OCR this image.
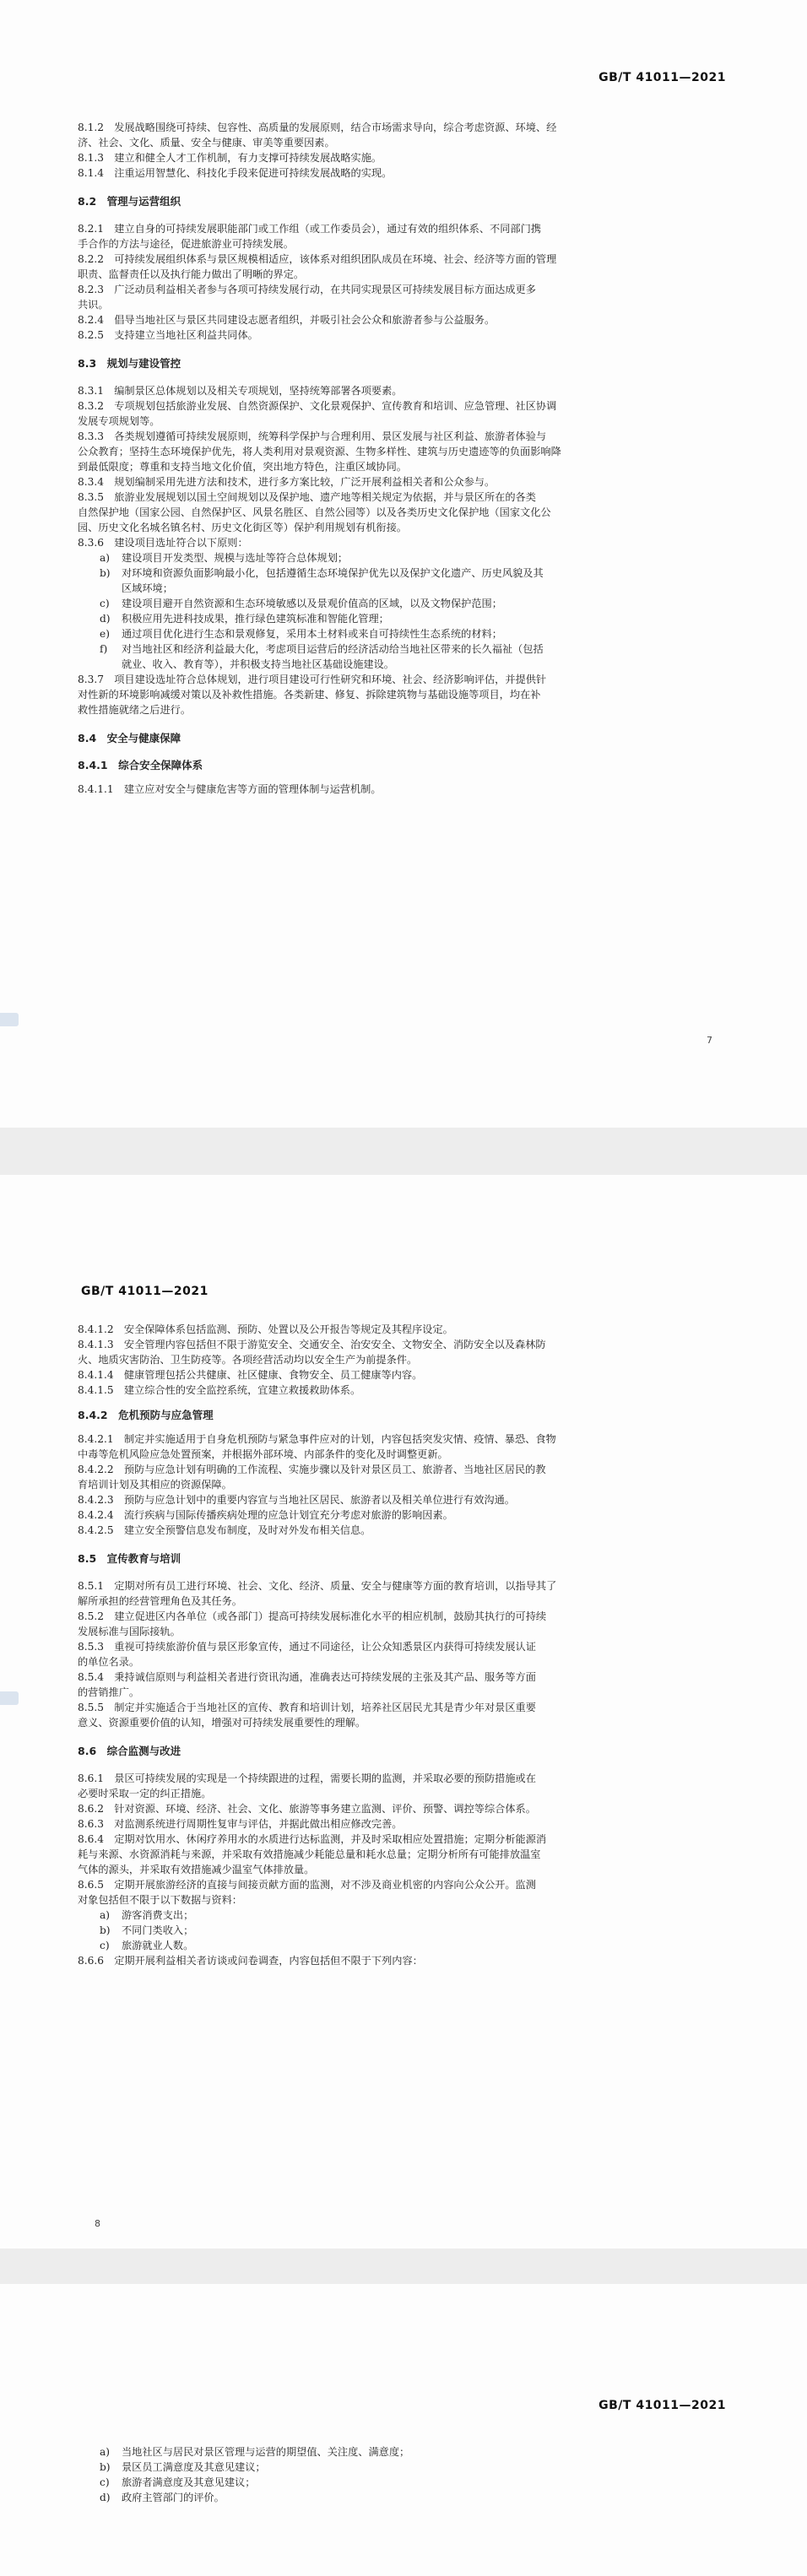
GB/T 41011—2021

8.1.2　发展战略围绕可持续、包容性、高质量的发展原则，结合市场需求导向，综合考虑资源、环境、经

济、社会、文化、质量、安全与健康、审美等重要因素。

8.1.3　建立和健全人才工作机制，有力支撑可持续发展战略实施。

8.1.4　注重运用智慧化、科技化手段来促进可持续发展战略的实现。

8.2　管理与运营组织

8.2.1　建立自身的可持续发展职能部门或工作组（或工作委员会），通过有效的组织体系、不同部门携

手合作的方法与途径，促进旅游业可持续发展。

8.2.2　可持续发展组织体系与景区规模相适应，该体系对组织团队成员在环境、社会、经济等方面的管理

职责、监督责任以及执行能力做出了明晰的界定。

8.2.3　广泛动员利益相关者参与各项可持续发展行动，在共同实现景区可持续发展目标方面达成更多

共识。

8.2.4　倡导当地社区与景区共同建设志愿者组织，并吸引社会公众和旅游者参与公益服务。

8.2.5　支持建立当地社区利益共同体。

8.3　规划与建设管控

8.3.1　编制景区总体规划以及相关专项规划，坚持统筹部署各项要素。

8.3.2　专项规划包括旅游业发展、自然资源保护、文化景观保护、宣传教育和培训、应急管理、社区协调

发展专项规划等。

8.3.3　各类规划遵循可持续发展原则，统筹科学保护与合理利用、景区发展与社区利益、旅游者体验与

公众教育；坚持生态环境保护优先，将人类利用对景观资源、生物多样性、建筑与历史遗迹等的负面影响降

到最低限度；尊重和支持当地文化价值，突出地方特色，注重区域协同。

8.3.4　规划编制采用先进方法和技术，进行多方案比较，广泛开展利益相关者和公众参与。

8.3.5　旅游业发展规划以国土空间规划以及保护地、遗产地等相关规定为依据，并与景区所在的各类

自然保护地（国家公园、自然保护区、风景名胜区、自然公园等）以及各类历史文化保护地（国家文化公

园、历史文化名城名镇名村、历史文化街区等）保护利用规划有机衔接。

8.3.6　建设项目选址符合以下原则：

a)	建设项目开发类型、规模与选址等符合总体规划；
b)	对环境和资源负面影响最小化，包括遵循生态环境保护优先以及保护文化遗产、历史风貌及其
区域环境；
c)	建设项目避开自然资源和生态环境敏感以及景观价值高的区域，以及文物保护范围；
d)	积极应用先进科技成果，推行绿色建筑标准和智能化管理；
e)	通过项目优化进行生态和景观修复，采用本土材料或来自可持续性生态系统的材料；
f)	对当地社区和经济利益最大化，考虑项目运营后的经济活动给当地社区带来的长久福祉（包括
就业、收入、教育等），并积极支持当地社区基础设施建设。

8.3.7　项目建设选址符合总体规划，进行项目建设可行性研究和环境、社会、经济影响评估，并提供针

对性新的环境影响减缓对策以及补救性措施。各类新建、修复、拆除建筑物与基础设施等项目，均在补

救性措施就绪之后进行。

8.4　安全与健康保障
8.4.1　综合安全保障体系

8.4.1.1　建立应对安全与健康危害等方面的管理体制与运营机制。

7
GB/T 41011—2021

8.4.1.2　安全保障体系包括监测、预防、处置以及公开报告等规定及其程序设定。

8.4.1.3　安全管理内容包括但不限于游览安全、交通安全、治安安全、文物安全、消防安全以及森林防

火、地质灾害防治、卫生防疫等。各项经营活动均以安全生产为前提条件。

8.4.1.4　健康管理包括公共健康、社区健康、食物安全、员工健康等内容。

8.4.1.5　建立综合性的安全监控系统，宜建立救援救助体系。

8.4.2　危机预防与应急管理

8.4.2.1　制定并实施适用于自身危机预防与紧急事件应对的计划，内容包括突发灾情、疫情、暴恐、食物

中毒等危机风险应急处置预案，并根据外部环境、内部条件的变化及时调整更新。

8.4.2.2　预防与应急计划有明确的工作流程、实施步骤以及针对景区员工、旅游者、当地社区居民的教

育培训计划及其相应的资源保障。

8.4.2.3　预防与应急计划中的重要内容宣与当地社区居民、旅游者以及相关单位进行有效沟通。

8.4.2.4　流行疾病与国际传播疾病处理的应急计划宜充分考虑对旅游的影响因素。

8.4.2.5　建立安全预警信息发布制度，及时对外发布相关信息。

8.5　宣传教育与培训

8.5.1　定期对所有员工进行环境、社会、文化、经济、质量、安全与健康等方面的教育培训，以指导其了

解所承担的经营管理角色及其任务。

8.5.2　建立促进区内各单位（或各部门）提高可持续发展标准化水平的相应机制，鼓励其执行的可持续

发展标准与国际接轨。

8.5.3　重视可持续旅游价值与景区形象宣传，通过不同途径，让公众知悉景区内获得可持续发展认证

的单位名录。

8.5.4　秉持诚信原则与利益相关者进行资讯沟通，准确表达可持续发展的主张及其产品、服务等方面

的营销推广。

8.5.5　制定并实施适合于当地社区的宣传、教育和培训计划，培养社区居民尤其是青少年对景区重要

意义、资源重要价值的认知，增强对可持续发展重要性的理解。

8.6　综合监测与改进

8.6.1　景区可持续发展的实现是一个持续跟进的过程，需要长期的监测，并采取必要的预防措施或在

必要时采取一定的纠正措施。

8.6.2　针对资源、环境、经济、社会、文化、旅游等事务建立监测、评价、预警、调控等综合体系。

8.6.3　对监测系统进行周期性复审与评估，并据此做出相应修改完善。

8.6.4　定期对饮用水、休闲疗养用水的水质进行达标监测，并及时采取相应处置措施；定期分析能源消

耗与来源、水资源消耗与来源，并采取有效措施减少耗能总量和耗水总量；定期分析所有可能排放温室

气体的源头，并采取有效措施减少温室气体排放量。

8.6.5　定期开展旅游经济的直接与间接贡献方面的监测，对不涉及商业机密的内容向公众公开。监测

对象包括但不限于以下数据与资料：

a)	游客消费支出；
b)	不同门类收入；
c)	旅游就业人数。

8.6.6　定期开展利益相关者访谈或问卷调查，内容包括但不限于下列内容：

8
GB/T 41011—2021
a)	当地社区与居民对景区管理与运营的期望值、关注度、满意度；
b)	景区员工满意度及其意见建议；
c)	旅游者满意度及其意见建议；
d)	政府主管部门的评价。
